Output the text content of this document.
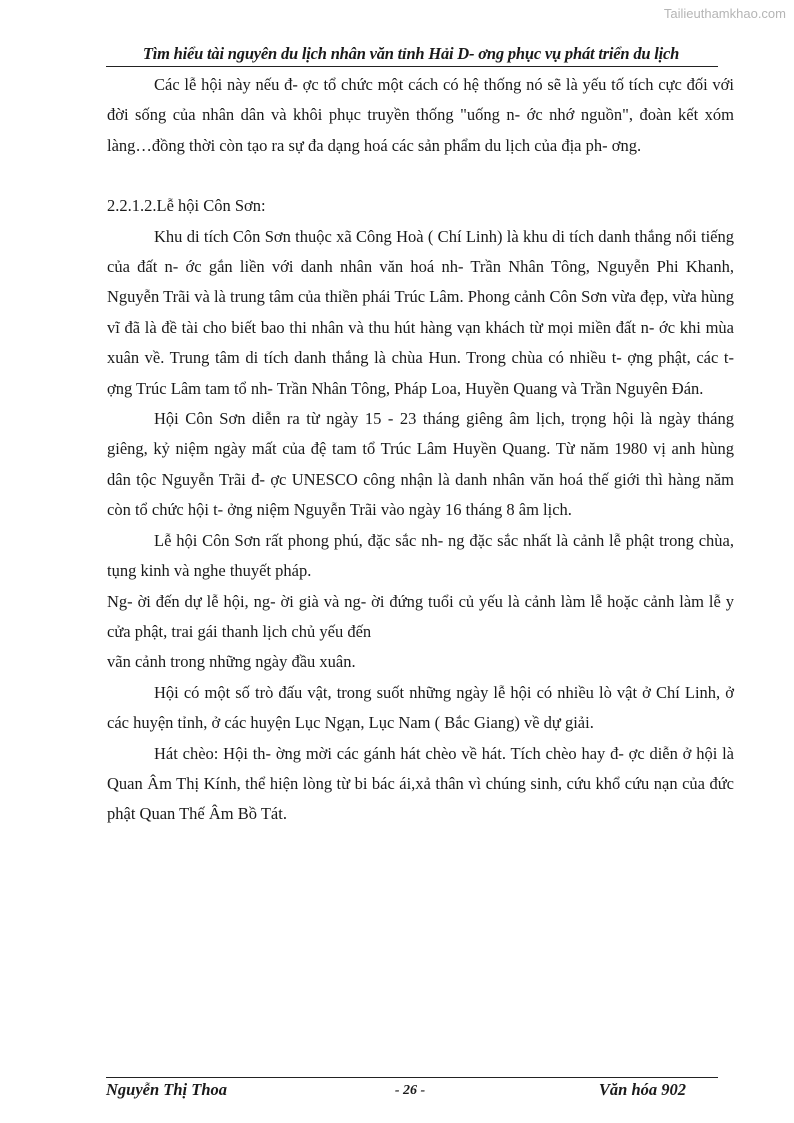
Tailieuthamkhao.com
Tìm hiểu tài nguyên du lịch nhân văn tỉnh Hải D- ơng phục vụ phát triển du lịch

Các lễ hội này nếu đ- ợc tổ chức một cách có hệ thống nó sẽ là yếu tố tích cực đối với đời sống của nhân dân và khôi phục truyền thống "uống n- ớc nhớ nguồn", đoàn kết xóm làng…đồng thời còn tạo ra sự đa dạng hoá các sản phẩm du lịch của địa ph- ơng.

2.2.1.2.Lễ hội Côn Sơn:

Khu di tích Côn Sơn thuộc xã Công Hoà ( Chí Linh) là khu di tích danh thắng nổi tiếng của đất n- ớc gắn liền với danh nhân văn hoá nh- Trần Nhân Tông, Nguyễn Phi Khanh, Nguyễn Trãi và là trung tâm của thiền phái Trúc Lâm. Phong cảnh Côn Sơn vừa đẹp, vừa hùng vĩ đã là đề tài cho biết bao thi nhân và thu hút hàng vạn khách từ mọi miền đất n- ớc khi mùa xuân về. Trung tâm di tích danh thắng là chùa Hun. Trong chùa có nhiều t- ợng phật, các t- ợng Trúc Lâm tam tổ nh- Trần Nhân Tông, Pháp Loa, Huyền Quang và Trần Nguyên Đán.

Hội Côn Sơn diễn ra từ ngày 15 - 23 tháng giêng âm lịch, trọng hội là ngày tháng giêng, kỷ niệm ngày mất của đệ tam tổ Trúc Lâm Huyền Quang. Từ năm 1980 vị anh hùng dân tộc Nguyễn Trãi đ- ợc UNESCO công nhận là danh nhân văn hoá thế giới thì hàng năm còn tổ chức hội t- ởng niệm Nguyễn Trãi vào ngày 16 tháng 8 âm lịch.

Lễ hội Côn Sơn rất phong phú, đặc sắc nh- ng đặc sắc nhất là cảnh lễ phật trong chùa, tụng kinh và nghe thuyết pháp.

Ng- ời đến dự lễ hội, ng- ời già và ng- ời đứng tuổi củ yếu là cảnh làm lễ hoặc cảnh làm lễ y cửa phật, trai gái thanh lịch chủ yếu đến

vãn cảnh trong những ngày đầu xuân.

Hội có một số trò đấu vật, trong suốt những ngày lễ hội có nhiều lò vật ở Chí Linh, ở các huyện tỉnh, ở các huyện Lục Ngạn, Lục Nam ( Bắc Giang) về dự giải.

Hát chèo: Hội th- ờng mời các gánh hát chèo về hát. Tích chèo hay đ- ợc diễn ở hội là Quan Âm Thị Kính, thể hiện lòng từ bi bác ái,xả thân vì chúng sinh, cứu khổ cứu nạn của đức phật Quan Thế Âm Bồ Tát.

Nguyễn Thị Thoa	- 26 -	Văn hóa 902
